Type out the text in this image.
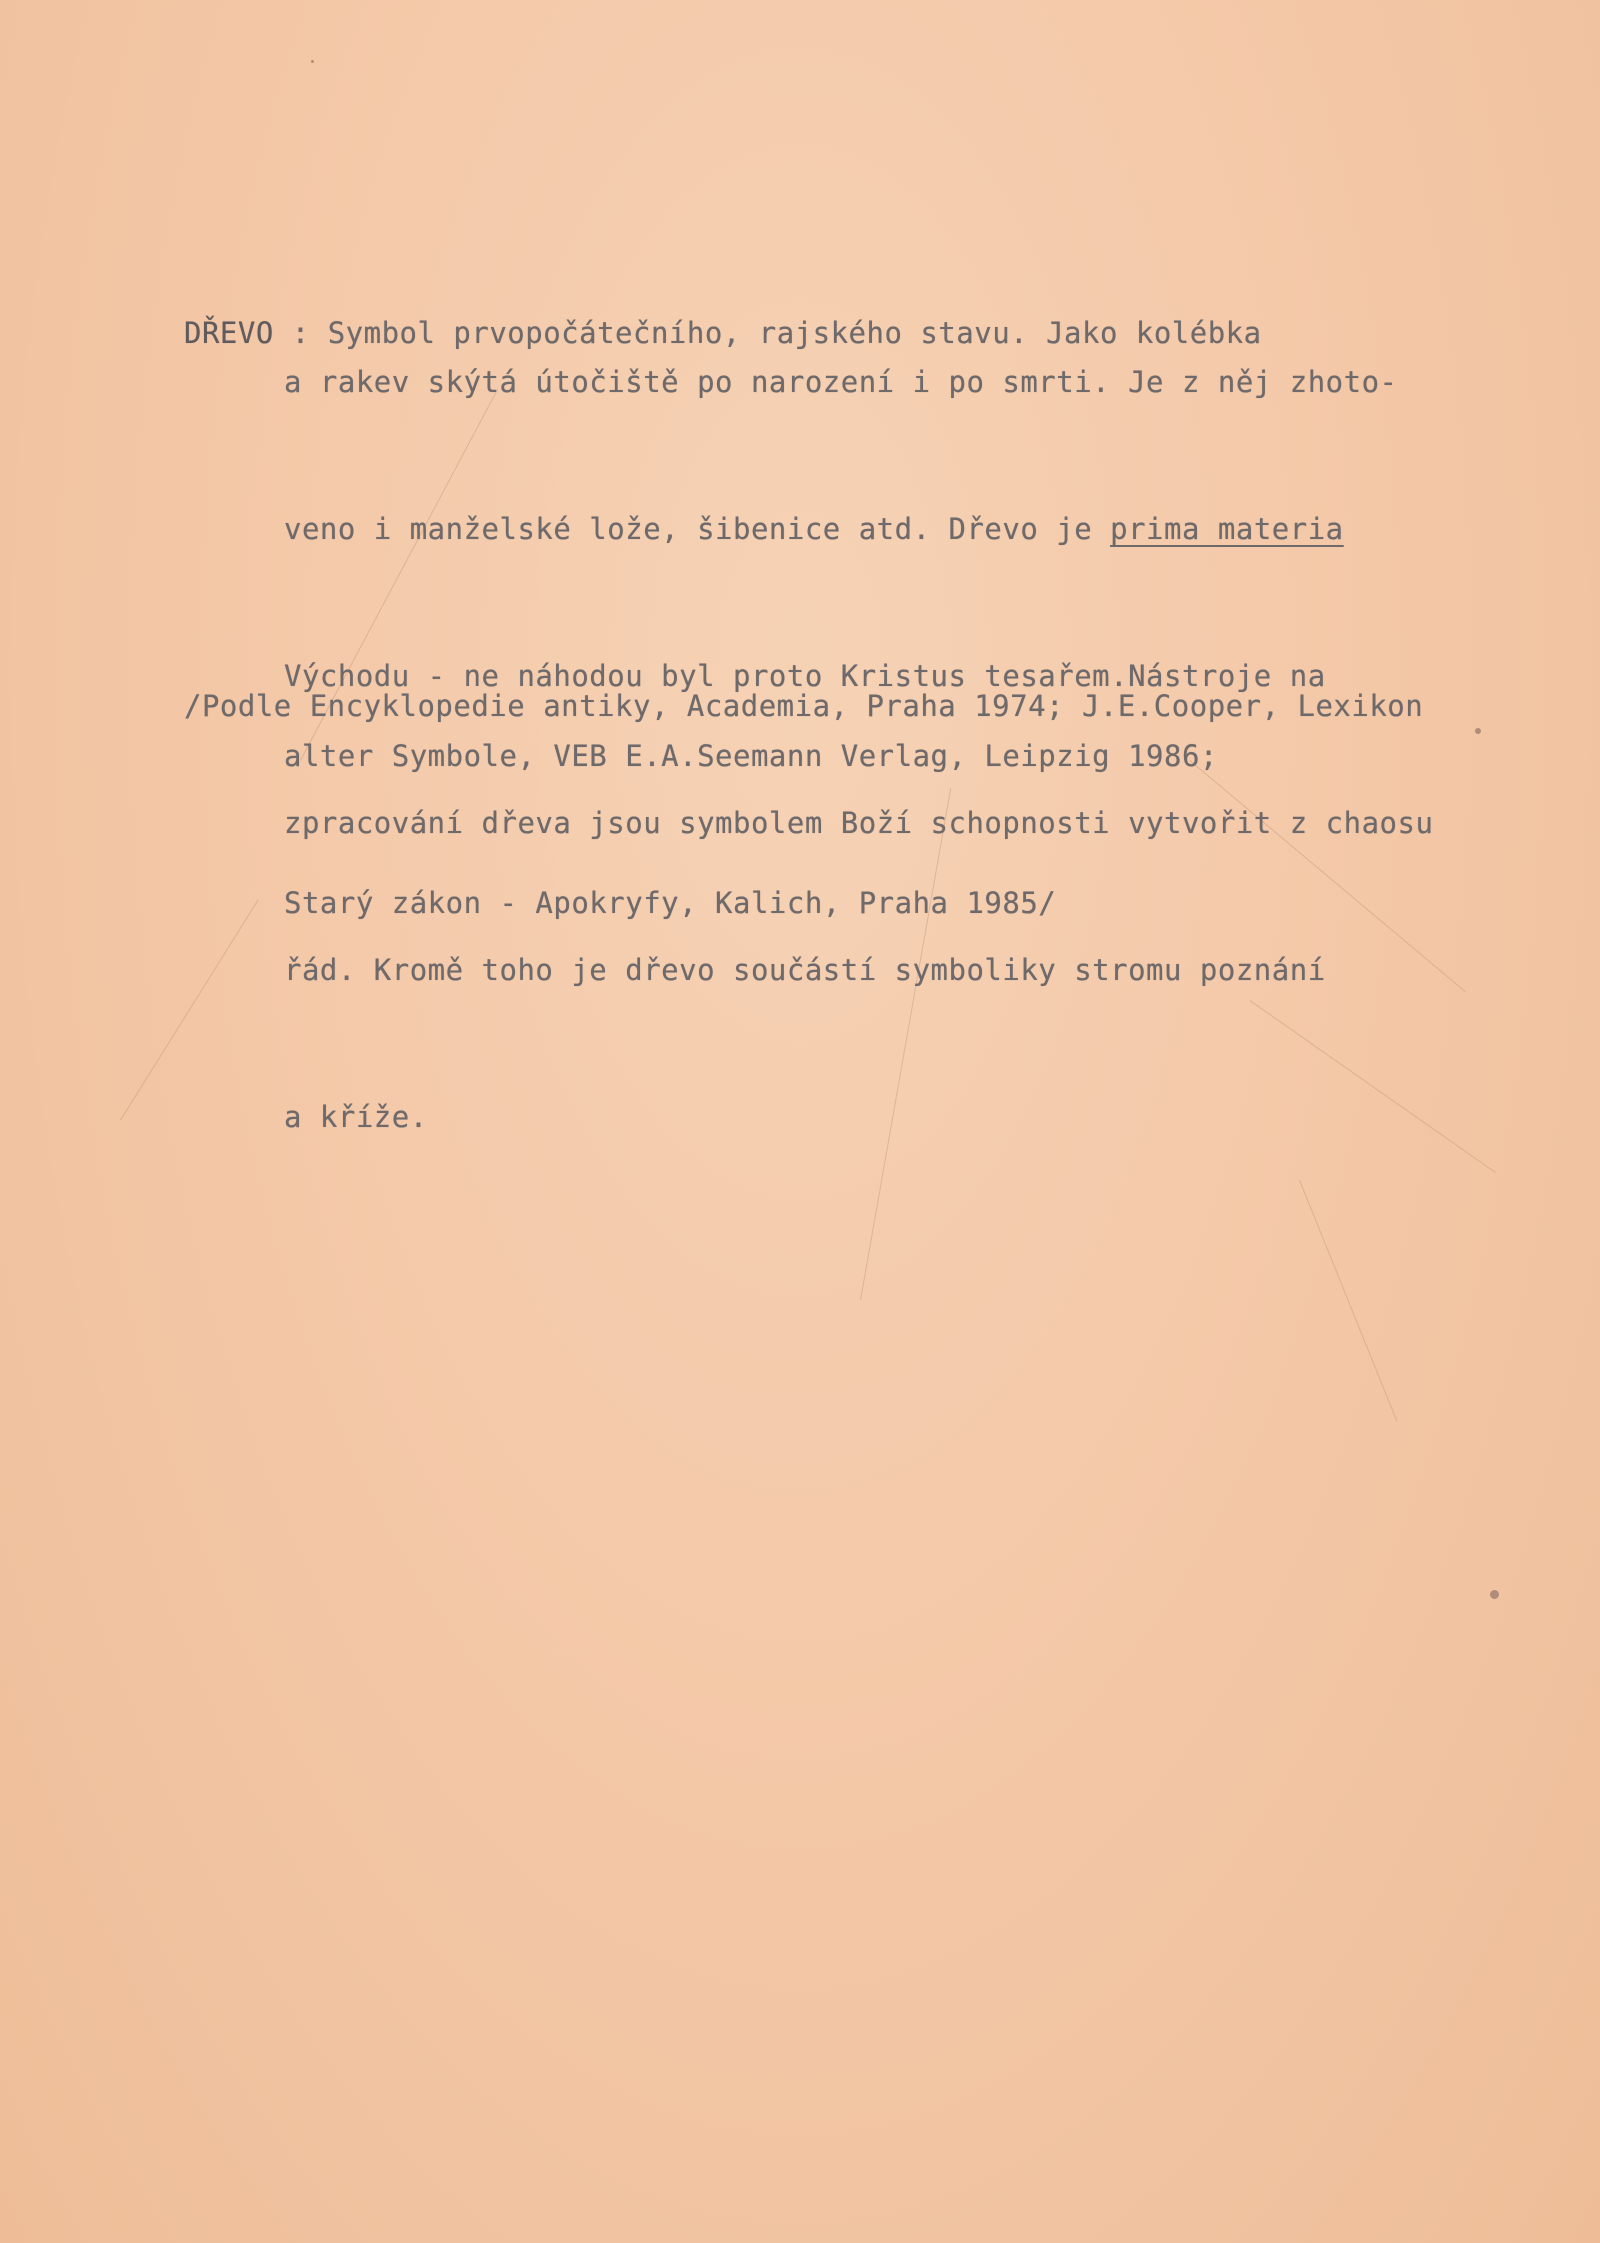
DŘEVO : Symbol prvopočátečního, rajského stavu. Jako kolébka

a rakev skýtá útočiště po narození i po smrti. Je z něj zhoto-

veno i manželské lože, šibenice atd. Dřevo je prima materia

Východu - ne náhodou byl proto Kristus tesařem.Nástroje na

zpracování dřeva jsou symbolem Boží schopnosti vytvořit z chaosu

řád. Kromě toho je dřevo součástí symboliky stromu poznání

a kříže.

/Podle Encyklopedie antiky, Academia, Praha 1974; J.E.Cooper, Lexikon

alter Symbole, VEB E.A.Seemann Verlag, Leipzig 1986;

Starý zákon - Apokryfy, Kalich, Praha 1985/
